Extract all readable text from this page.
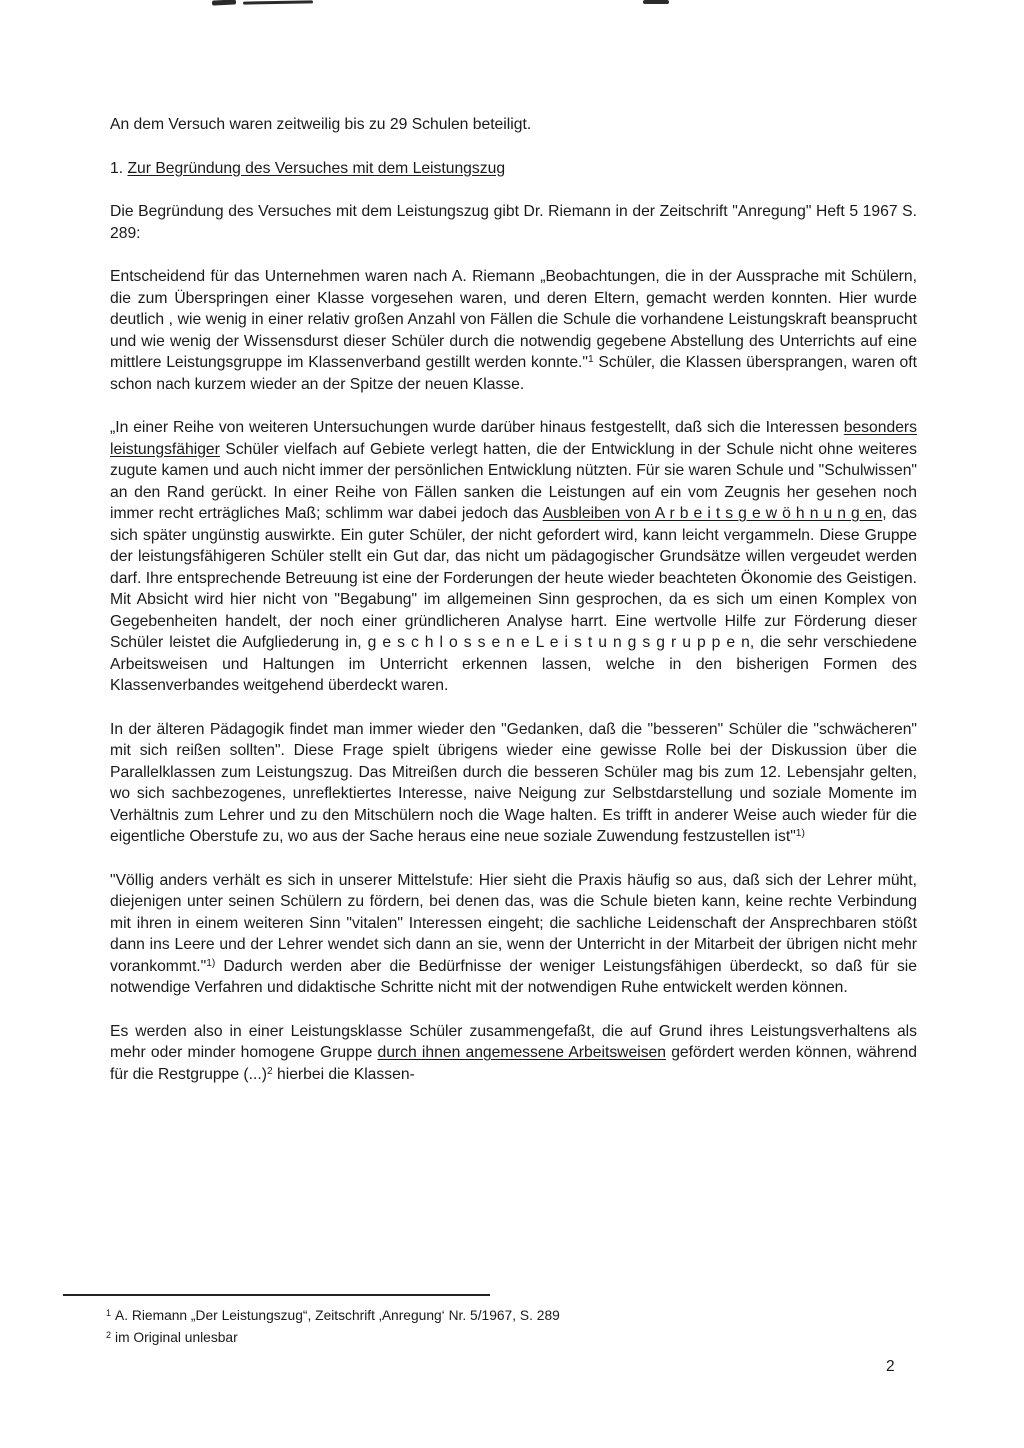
An dem Versuch waren zeitweilig bis zu 29 Schulen beteiligt.

1. Zur Begründung des Versuches mit dem Leistungszug

Die Begründung des Versuches mit dem Leistungszug gibt Dr. Riemann in der Zeitschrift "Anregung" Heft 5 1967 S. 289:

Entscheidend für das Unternehmen waren nach A. Riemann „Beobachtungen, die in der Aussprache mit Schülern, die zum Überspringen einer Klasse vorgesehen waren, und deren Eltern, gemacht werden konnten. Hier wurde deutlich , wie wenig in einer relativ großen Anzahl von Fällen die Schule die vorhandene Leistungskraft beansprucht und wie wenig der Wissensdurst dieser Schüler durch die notwendig gegebene Abstellung des Unterrichts auf eine mittlere Leistungsgruppe im Klassenverband gestillt werden konnte."$^1$ Schüler, die Klassen übersprangen, waren oft schon nach kurzem wieder an der Spitze der neuen Klasse.

„In einer Reihe von weiteren Untersuchungen wurde darüber hinaus festgestellt, daß sich die Interessen besonders leistungsfähiger Schüler vielfach auf Gebiete verlegt hatten, die der Entwicklung in der Schule nicht ohne weiteres zugute kamen und auch nicht immer der persönlichen Entwicklung nützten. Für sie waren Schule und "Schulwissen" an den Rand gerückt. In einer Reihe von Fällen sanken die Leistungen auf ein vom Zeugnis her gesehen noch immer recht erträgliches Maß; schlimm war dabei jedoch das Ausbleiben von A r b e i t s g e w ö h n u n g en, das sich später ungünstig auswirkte. Ein guter Schüler, der nicht gefordert wird, kann leicht vergammeln. Diese Gruppe der leistungsfähigeren Schüler stellt ein Gut dar, das nicht um pädagogischer Grundsätze willen vergeudet werden darf. Ihre entsprechende Betreuung ist eine der Forderungen der heute wieder beachteten Ökonomie des Geistigen. Mit Absicht wird hier nicht von "Begabung" im allgemeinen Sinn gesprochen, da es sich um einen Komplex von Gegebenheiten handelt, der noch einer gründlicheren Analyse harrt. Eine wertvolle Hilfe zur Förderung dieser Schüler leistet die Aufgliederung in, g e s c h l o s s e n e L e i s t u n g s g r u p p e n, die sehr verschiedene Arbeitsweisen und Haltungen im Unterricht erkennen lassen, welche in den bisherigen Formen des Klassenverbandes weitgehend überdeckt waren.

In der älteren Pädagogik findet man immer wieder den "Gedanken, daß die "besseren" Schüler die "schwächeren" mit sich reißen sollten". Diese Frage spielt übrigens wieder eine gewisse Rolle bei der Diskussion über die Parallelklassen zum Leistungszug. Das Mitreißen durch die besseren Schüler mag bis zum 12. Lebensjahr gelten, wo sich sachbezogenes, unreflektiertes Interesse, naive Neigung zur Selbstdarstellung und soziale Momente im Verhältnis zum Lehrer und zu den Mitschülern noch die Wage halten. Es trifft in anderer Weise auch wieder für die eigentliche Oberstufe zu, wo aus der Sache heraus eine neue soziale Zuwendung festzustellen ist"$^{1)}$

"Völlig anders verhält es sich in unserer Mittelstufe: Hier sieht die Praxis häufig so aus, daß sich der Lehrer müht, diejenigen unter seinen Schülern zu fördern, bei denen das, was die Schule bieten kann, keine rechte Verbindung mit ihren in einem weiteren Sinn "vitalen" Interessen eingeht; die sachliche Leidenschaft der Ansprechbaren stößt dann ins Leere und der Lehrer wendet sich dann an sie, wenn der Unterricht in der Mitarbeit der übrigen nicht mehr vorankommt."$^{1)}$ Dadurch werden aber die Bedürfnisse der weniger Leistungsfähigen überdeckt, so daß für sie notwendige Verfahren und didaktische Schritte nicht mit der notwendigen Ruhe entwickelt werden können.

Es werden also in einer Leistungsklasse Schüler zusammengefaßt, die auf Grund ihres Leistungsverhaltens als mehr oder minder homogene Gruppe durch ihnen angemessene Arbeitsweisen gefördert werden können, während für die Restgruppe (...)$^2$ hierbei die Klassen-

$^1$ A. Riemann „Der Leistungszug“, Zeitschrift ‚Anregung‘ Nr. 5/1967, S. 289
$^2$ im Original unlesbar
2
